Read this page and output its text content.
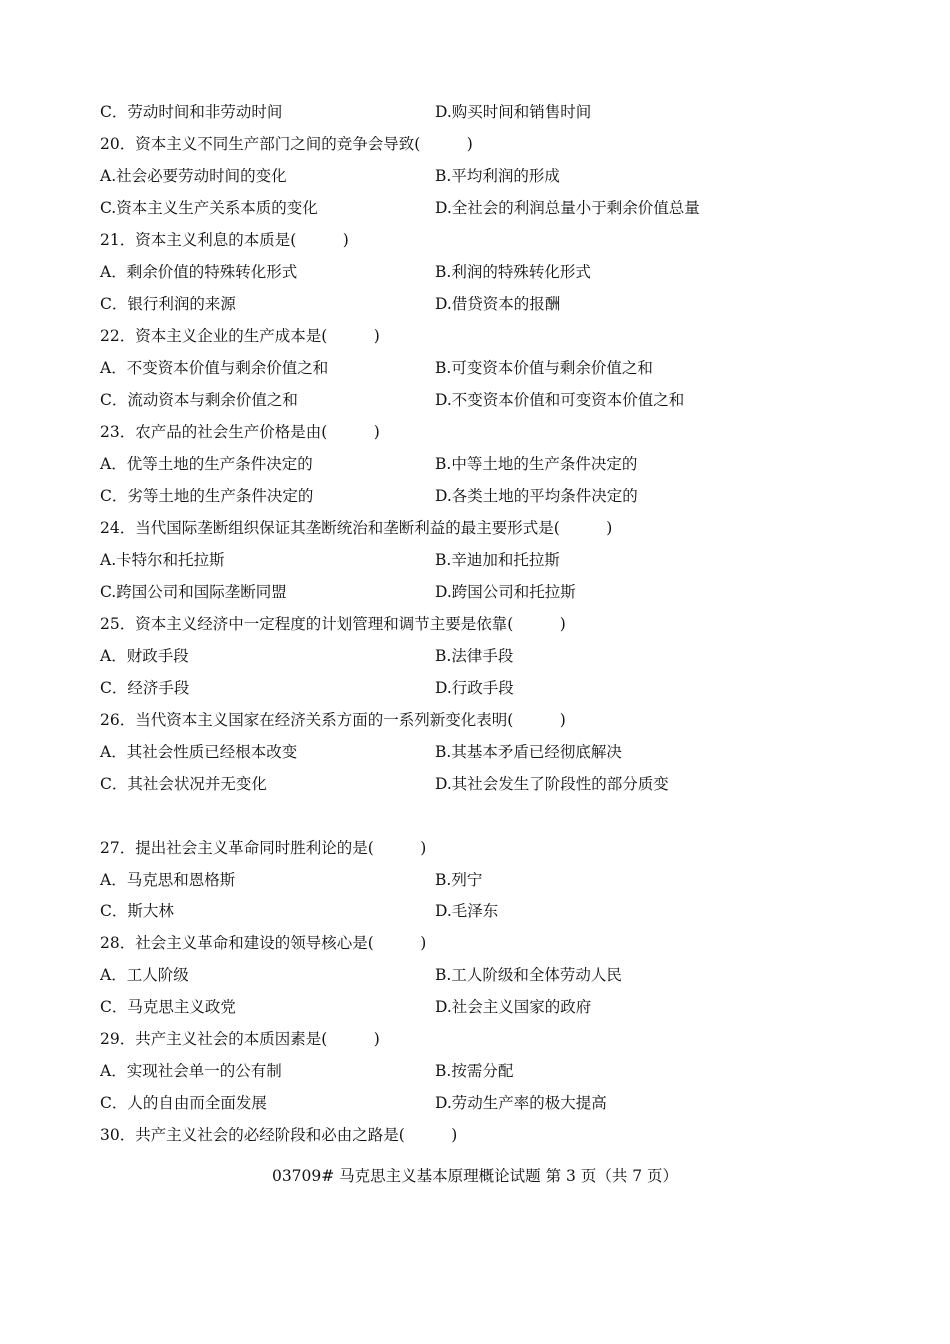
C．劳动时间和非劳动时间	D.购买时间和销售时间
20．资本主义不同生产部门之间的竞争会导致(　　　)
A.社会必要劳动时间的变化	B.平均利润的形成
C.资本主义生产关系本质的变化	D.全社会的利润总量小于剩余价值总量
21．资本主义利息的本质是(　　　)
A．剩余价值的特殊转化形式	B.利润的特殊转化形式
C．银行利润的来源	D.借贷资本的报酬
22．资本主义企业的生产成本是(　　　)
A．不变资本价值与剩余价值之和	B.可变资本价值与剩余价值之和
C．流动资本与剩余价值之和	D.不变资本价值和可变资本价值之和
23．农产品的社会生产价格是由(　　　)
A．优等土地的生产条件决定的	B.中等土地的生产条件决定的
C．劣等土地的生产条件决定的	D.各类土地的平均条件决定的
24．当代国际垄断组织保证其垄断统治和垄断利益的最主要形式是(　　　)
A.卡特尔和托拉斯	B.辛迪加和托拉斯
C.跨国公司和国际垄断同盟	D.跨国公司和托拉斯
25．资本主义经济中一定程度的计划管理和调节主要是依靠(　　　)
A．财政手段	B.法律手段
C．经济手段	D.行政手段
26．当代资本主义国家在经济关系方面的一系列新变化表明(　　　)
A．其社会性质已经根本改变	B.其基本矛盾已经彻底解决
C．其社会状况并无变化	D.其社会发生了阶段性的部分质变
27．提出社会主义革命同时胜利论的是(　　　)
A．马克思和恩格斯	B.列宁
C．斯大林	D.毛泽东
28．社会主义革命和建设的领导核心是(　　　)
A．工人阶级	B.工人阶级和全体劳动人民
C．马克思主义政党	D.社会主义国家的政府
29．共产主义社会的本质因素是(　　　)
A．实现社会单一的公有制	B.按需分配
C．人的自由而全面发展	D.劳动生产率的极大提高
30．共产主义社会的必经阶段和必由之路是(　　　)
03709# 马克思主义基本原理概论试题 第 3 页（共 7 页）
